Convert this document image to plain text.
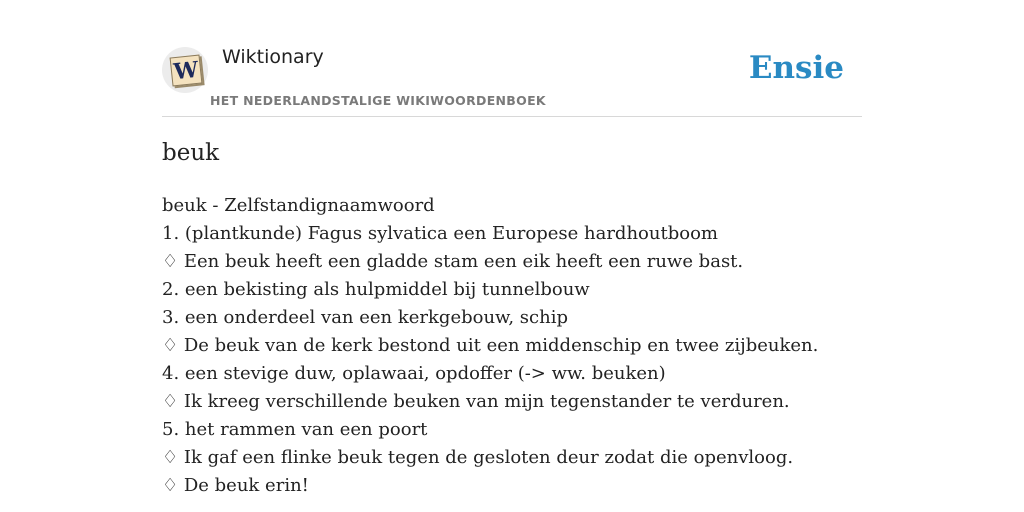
W Wiktionary
HET NEDERLANDSTALIGE WIKIWOORDENBOEK
Ensie
beuk
beuk - Zelfstandignaamwoord
1. (plantkunde) Fagus sylvatica een Europese hardhoutboom
♢ Een beuk heeft een gladde stam een eik heeft een ruwe bast.
2. een bekisting als hulpmiddel bij tunnelbouw
3. een onderdeel van een kerkgebouw, schip
♢ De beuk van de kerk bestond uit een middenschip en twee zijbeuken.
4. een stevige duw, oplawaai, opdoffer (-> ww. beuken)
♢ Ik kreeg verschillende beuken van mijn tegenstander te verduren.
5. het rammen van een poort
♢ Ik gaf een flinke beuk tegen de gesloten deur zodat die openvloog.
♢ De beuk erin!
